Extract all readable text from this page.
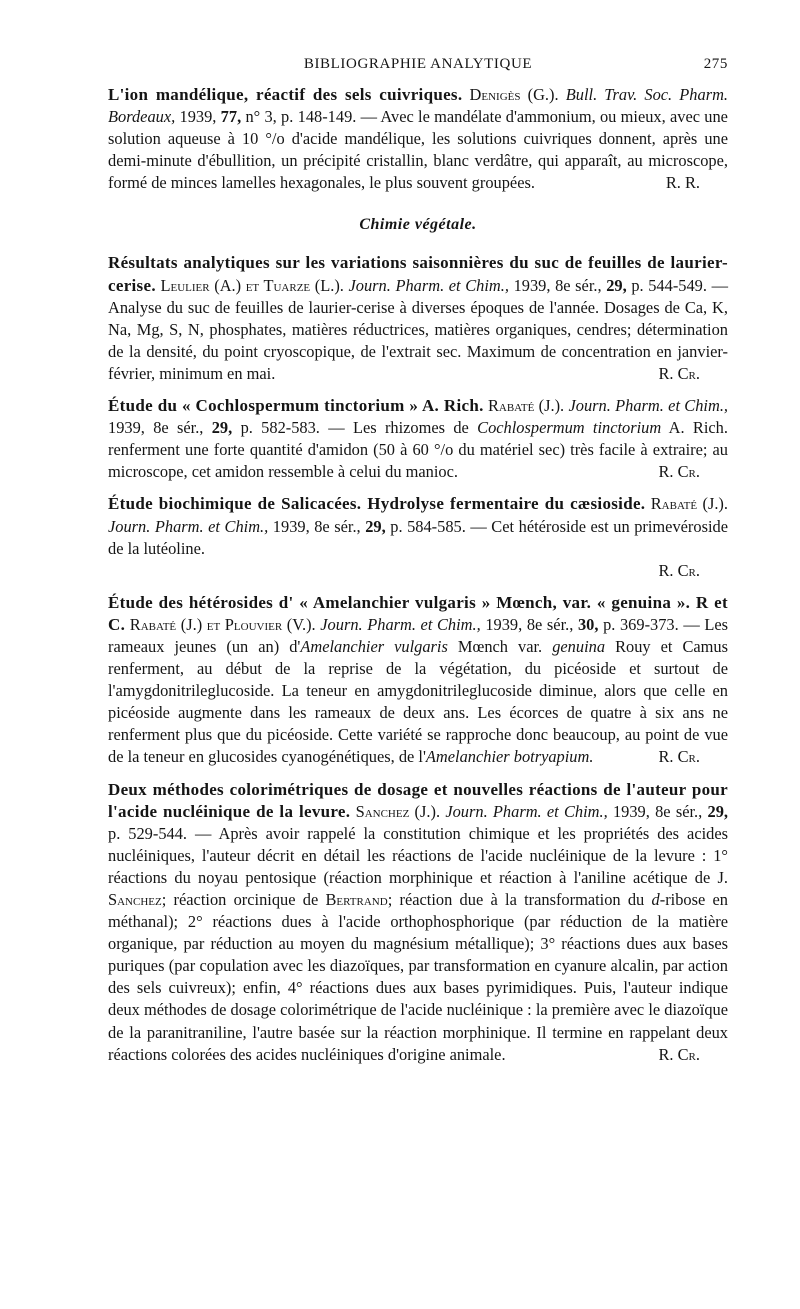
BIBLIOGRAPHIE ANALYTIQUE	275

L'ion mandélique, réactif des sels cuivriques. Denigès (G.). Bull. Trav. Soc. Pharm. Bordeaux, 1939, 77, n° 3, p. 148-149. — Avec le mandélate d'ammonium, ou mieux, avec une solution aqueuse à 10 °/o d'acide mandélique, les solutions cuivriques donnent, après une demi-minute d'ébullition, un précipité cristallin, blanc verdâtre, qui apparaît, au microscope, formé de minces lamelles hexagonales, le plus souvent groupées.	R. R.

Chimie végétale.

Résultats analytiques sur les variations saisonnières du suc de feuilles de laurier-cerise. Leulier (A.) et Tuarze (L.). Journ. Pharm. et Chim., 1939, 8e sér., 29, p. 544-549. — Analyse du suc de feuilles de laurier-cerise à diverses époques de l'année. Dosages de Ca, K, Na, Mg, S, N, phosphates, matières réductrices, matières organiques, cendres; détermination de la densité, du point cryoscopique, de l'extrait sec. Maximum de concentration en janvier-février, minimum en mai.	R. Cr.

Étude du « Cochlospermum tinctorium » A. Rich. Rabaté (J.). Journ. Pharm. et Chim., 1939, 8e sér., 29, p. 582-583. — Les rhizomes de Cochlospermum tinctorium A. Rich. renferment une forte quantité d'amidon (50 à 60 °/o du matériel sec) très facile à extraire; au microscope, cet amidon ressemble à celui du manioc.	R. Cr.

Étude biochimique de Salicacées. Hydrolyse fermentaire du cæsioside. Rabaté (J.). Journ. Pharm. et Chim., 1939, 8e sér., 29, p. 584-585. — Cet hétéroside est un primevéroside de la lutéoline.
R. Cr.

Étude des hétérosides d' « Amelanchier vulgaris » Mœnch, var. « genuina ». R et C. Rabaté (J.) et Plouvier (V.). Journ. Pharm. et Chim., 1939, 8e sér., 30, p. 369-373. — Les rameaux jeunes (un an) d'Amelanchier vulgaris Mœnch var. genuina Rouy et Camus renferment, au début de la reprise de la végétation, du picéoside et surtout de l'amygdonitrileglucoside. La teneur en amygdonitrileglucoside diminue, alors que celle en picéoside augmente dans les rameaux de deux ans. Les écorces de quatre à six ans ne renferment plus que du picéoside. Cette variété se rapproche donc beaucoup, au point de vue de la teneur en glucosides cyanogénétiques, de l'Amelanchier botryapium.	R. Cr.

Deux méthodes colorimétriques de dosage et nouvelles réactions de l'auteur pour l'acide nucléinique de la levure. Sanchez (J.). Journ. Pharm. et Chim., 1939, 8e sér., 29, p. 529-544. — Après avoir rappelé la constitution chimique et les propriétés des acides nucléiniques, l'auteur décrit en détail les réactions de l'acide nucléinique de la levure : 1° réactions du noyau pentosique (réaction morphinique et réaction à l'aniline acétique de J. Sanchez; réaction orcinique de Bertrand; réaction due à la transformation du d-ribose en méthanal); 2° réactions dues à l'acide orthophosphorique (par réduction de la matière organique, par réduction au moyen du magnésium métallique); 3° réactions dues aux bases puriques (par copulation avec les diazoïques, par transformation en cyanure alcalin, par action des sels cuivreux); enfin, 4° réactions dues aux bases pyrimidiques. Puis, l'auteur indique deux méthodes de dosage colorimétrique de l'acide nucléinique : la première avec le diazoïque de la paranitraniline, l'autre basée sur la réaction morphinique. Il termine en rappelant deux réactions colorées des acides nucléiniques d'origine animale.	R. Cr.
